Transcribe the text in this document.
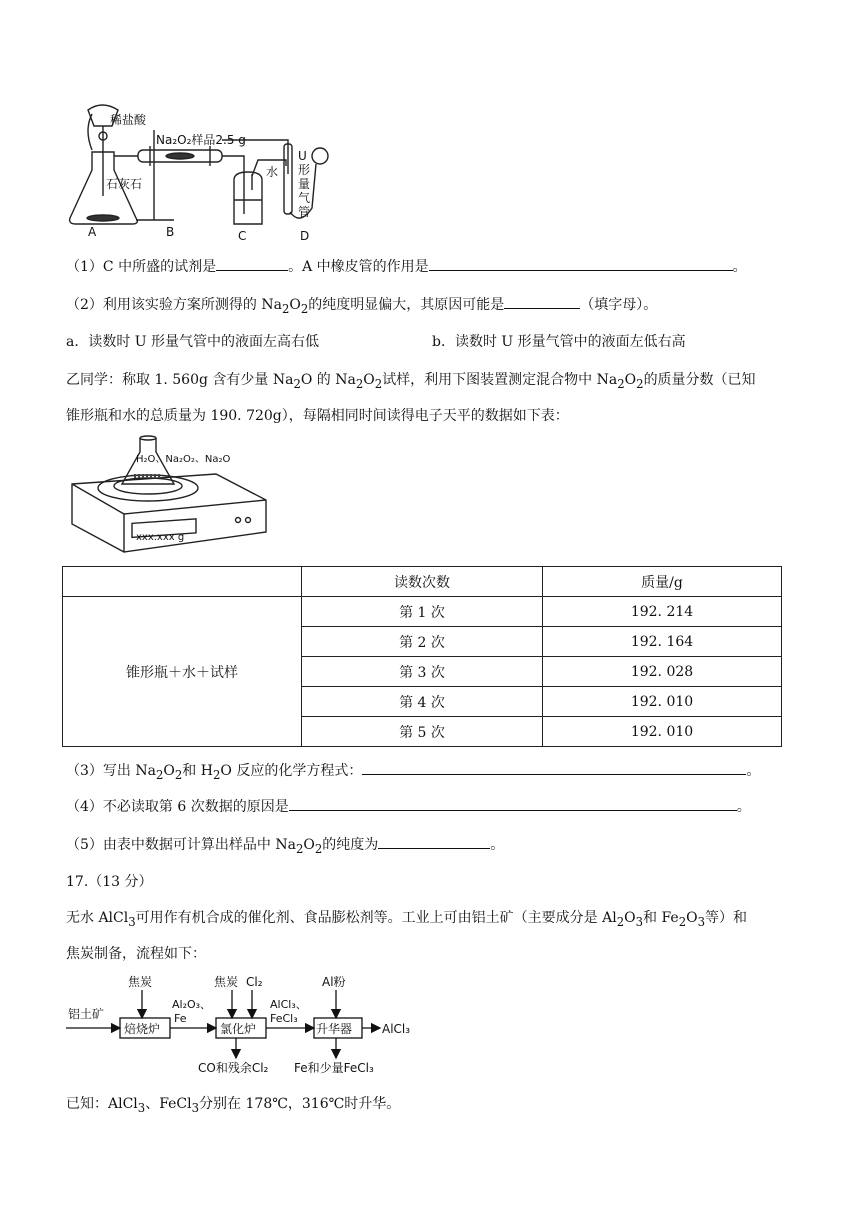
稀盐酸
Na₂O₂样品2.5 g
石灰石
水
U
形
量
气
管
A	B	C	D
（1）C 中所盛的试剂是	。A 中橡皮管的作用是	。
（2）利用该实验方案所测得的 $Na_2O_2$的纯度明显偏大，其原因可能是	（填字母）。
a．读数时 U 形量气管中的液面左高右低	b．读数时 U 形量气管中的液面左低右高
乙同学：称取 1. 560g 含有少量 $Na_2O$ 的 $Na_2O_2$试样，利用下图装置测定混合物中 $Na_2O_2$的质量分数（已知
锥形瓶和水的总质量为 190. 720g），每隔相同时间读得电子天平的数据如下表：
H₂O、Na₂O₂、Na₂O
xxx.xxx g
	读数次数	质量/g
锥形瓶＋水＋试样	第 1 次	192. 214
	第 2 次	192. 164
	第 3 次	192. 028
	第 4 次	192. 010
	第 5 次	192. 010
（3）写出 $Na_2O_2$和 $H_2O$ 反应的化学方程式：	。
（4）不必读取第 6 次数据的原因是	。
（5）由表中数据可计算出样品中 $Na_2O_2$的纯度为	。
17.（13 分）
无水 AlCl$_3$可用作有机合成的催化剂、食品膨松剂等。工业上可由铝土矿（主要成分是 $Al_2O_3$和 $Fe_2O_3$等）和
焦炭制备，流程如下：
焦炭	焦炭 Cl₂	Al粉
铝土矿
焙烧炉
Al₂O₃、
Fe
氯化炉
AlCl₃、
FeCl₃
升华器 AlCl₃
CO和残余Cl₂ Fe和少量FeCl₃
已知：AlCl$_3$、FeCl$_3$分别在 178℃，316℃时升华。
